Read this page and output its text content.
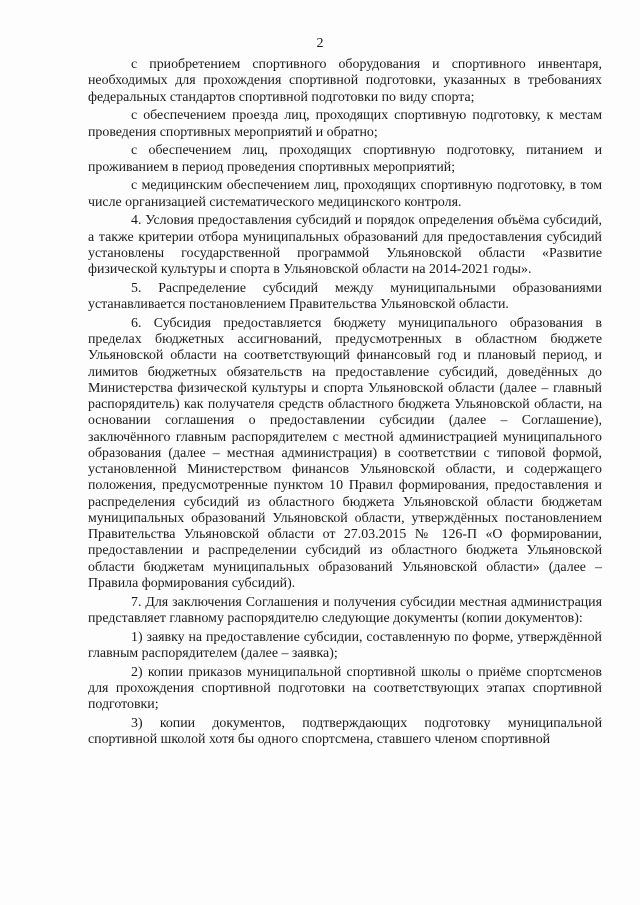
2

с приобретением спортивного оборудования и спортивного инвентаря, необходимых для прохождения спортивной подготовки, указанных в требованиях федеральных стандартов спортивной подготовки по виду спорта;

с обеспечением проезда лиц, проходящих спортивную подготовку, к местам проведения спортивных мероприятий и обратно;

с обеспечением лиц, проходящих спортивную подготовку, питанием и проживанием в период проведения спортивных мероприятий;

с медицинским обеспечением лиц, проходящих спортивную подготовку, в том числе организацией систематического медицинского контроля.

4. Условия предоставления субсидий и порядок определения объёма субсидий, а также критерии отбора муниципальных образований для предоставления субсидий установлены государственной программой Ульяновской области «Развитие физической культуры и спорта в Ульяновской области на 2014-2021 годы».

5. Распределение субсидий между муниципальными образованиями устанавливается постановлением Правительства Ульяновской области.

6. Субсидия предоставляется бюджету муниципального образования в пределах бюджетных ассигнований, предусмотренных в областном бюджете Ульяновской области на соответствующий финансовый год и плановый период, и лимитов бюджетных обязательств на предоставление субсидий, доведённых до Министерства физической культуры и спорта Ульяновской области (далее – главный распорядитель) как получателя средств областного бюджета Ульяновской области, на основании соглашения о предоставлении субсидии (далее – Соглашение), заключённого главным распорядителем с местной администрацией муниципального образования (далее – местная администрация) в соответствии с типовой формой, установленной Министерством финансов Ульяновской области, и содержащего положения, предусмотренные пунктом 10 Правил формирования, предоставления и распределения субсидий из областного бюджета Ульяновской области бюджетам муниципальных образований Ульяновской области, утверждённых постановлением Правительства Ульяновской области от 27.03.2015 № 126-П «О формировании, предоставлении и распределении субсидий из областного бюджета Ульяновской области бюджетам муниципальных образований Ульяновской области» (далее – Правила формирования субсидий).

7. Для заключения Соглашения и получения субсидии местная администрация представляет главному распорядителю следующие документы (копии документов):

1) заявку на предоставление субсидии, составленную по форме, утверждённой главным распорядителем (далее – заявка);

2) копии приказов муниципальной спортивной школы о приёме спортсменов для прохождения спортивной подготовки на соответствующих этапах спортивной подготовки;

3) копии документов, подтверждающих подготовку муниципальной спортивной школой хотя бы одного спортсмена, ставшего членом спортивной
